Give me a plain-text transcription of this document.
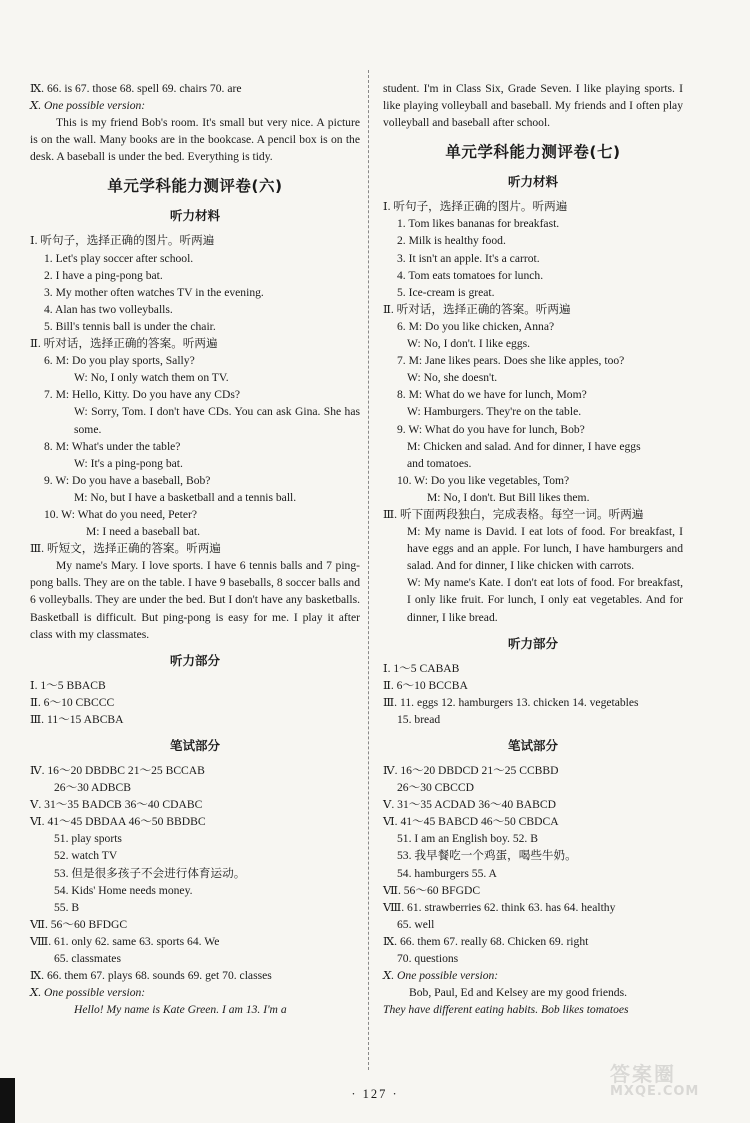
Ⅸ. 66. is 67. those 68. spell 69. chairs 70. are
Ⅹ. One possible version:
This is my friend Bob's room. It's small but very nice. A picture is on the wall. Many books are in the bookcase. A pencil box is on the desk. A baseball is under the bed. Everything is tidy.
单元学科能力测评卷(六)
听力材料
Ⅰ. 听句子，选择正确的图片。听两遍
1. Let's play soccer after school.
2. I have a ping-pong bat.
3. My mother often watches TV in the evening.
4. Alan has two volleyballs.
5. Bill's tennis ball is under the chair.
Ⅱ. 听对话，选择正确的答案。听两遍
6. M: Do you play sports, Sally?
W: No, I only watch them on TV.
7. M: Hello, Kitty. Do you have any CDs?
W: Sorry, Tom. I don't have CDs. You can ask Gina. She has some.
8. M: What's under the table?
W: It's a ping-pong bat.
9. W: Do you have a baseball, Bob?
M: No, but I have a basketball and a tennis ball.
10. W: What do you need, Peter?
M: I need a baseball bat.
Ⅲ. 听短文，选择正确的答案。听两遍
My name's Mary. I love sports. I have 6 tennis balls and 7 ping-pong balls. They are on the table. I have 9 baseballs, 8 soccer balls and 6 volleyballs. They are under the bed. But I don't have any basketballs. Basketball is difficult. But ping-pong is easy for me. I play it after class with my classmates.
听力部分
Ⅰ. 1～5 BBACB
Ⅱ. 6～10 CBCCC
Ⅲ. 11～15 ABCBA
笔试部分
Ⅳ. 16～20 DBDBC 21～25 BCCAB
26～30 ADBCB
Ⅴ. 31～35 BADCB 36～40 CDABC
Ⅵ. 41～45 DBDAA 46～50 BBDBC
51. play sports
52. watch TV
53. 但是很多孩子不会进行体育运动。
54. Kids' Home needs money.
55. B
Ⅶ. 56～60 BFDGC
Ⅷ. 61. only 62. same 63. sports 64. We
65. classmates
Ⅸ. 66. them 67. plays 68. sounds 69. get 70. classes
Ⅹ. One possible version:
Hello! My name is Kate Green. I am 13. I'm a
student. I'm in Class Six, Grade Seven. I like playing sports. I like playing volleyball and baseball. My friends and I often play volleyball and baseball after school.
单元学科能力测评卷(七)
听力材料
Ⅰ. 听句子，选择正确的图片。听两遍
1. Tom likes bananas for breakfast.
2. Milk is healthy food.
3. It isn't an apple. It's a carrot.
4. Tom eats tomatoes for lunch.
5. Ice-cream is great.
Ⅱ. 听对话，选择正确的答案。听两遍
6. M: Do you like chicken, Anna?
W: No, I don't. I like eggs.
7. M: Jane likes pears. Does she like apples, too?
W: No, she doesn't.
8. M: What do we have for lunch, Mom?
W: Hamburgers. They're on the table.
9. W: What do you have for lunch, Bob?
M: Chicken and salad. And for dinner, I have eggs
and tomatoes.
10. W: Do you like vegetables, Tom?
M: No, I don't. But Bill likes them.
Ⅲ. 听下面两段独白，完成表格。每空一词。听两遍
M: My name is David. I eat lots of food. For breakfast, I have eggs and an apple. For lunch, I have hamburgers and salad. And for dinner, I like chicken with carrots.
W: My name's Kate. I don't eat lots of food. For breakfast, I only like fruit. For lunch, I only eat vegetables. And for dinner, I like bread.
听力部分
Ⅰ. 1～5 CABAB
Ⅱ. 6～10 BCCBA
Ⅲ. 11. eggs 12. hamburgers 13. chicken 14. vegetables
15. bread
笔试部分
Ⅳ. 16～20 DBDCD 21～25 CCBBD
26～30 CBCCD
Ⅴ. 31～35 ACDAD 36～40 BABCD
Ⅵ. 41～45 BABCD 46～50 CBDCA
51. I am an English boy. 52. B
53. 我早餐吃一个鸡蛋，喝些牛奶。
54. hamburgers 55. A
Ⅶ. 56～60 BFGDC
Ⅷ. 61. strawberries 62. think 63. has 64. healthy
65. well
Ⅸ. 66. them 67. really 68. Chicken 69. right
70. questions
Ⅹ. One possible version:
Bob, Paul, Ed and Kelsey are my good friends.
They have different eating habits. Bob likes tomatoes
· 127 ·
答案圈
MXQE.COM
